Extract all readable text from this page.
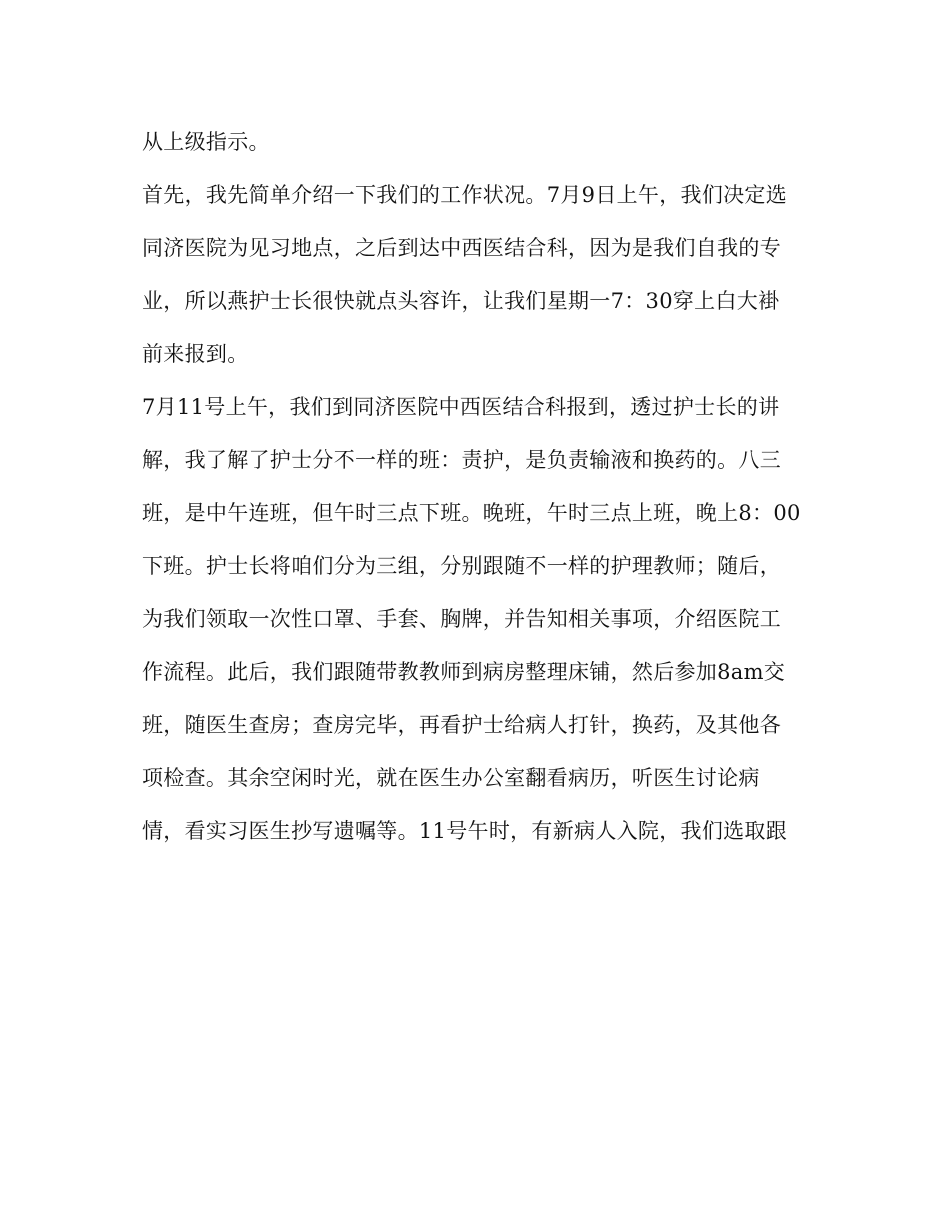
从上级指示。
首先，我先简单介绍一下我们的工作状况。7月9日上午，我们决定选
同济医院为见习地点，之后到达中西医结合科，因为是我们自我的专
业，所以燕护士长很快就点头容许，让我们星期一7：30穿上白大褂
前来报到。
7月11号上午，我们到同济医院中西医结合科报到，透过护士长的讲
解，我了解了护士分不一样的班：责护，是负责输液和换药的。八三
班，是中午连班，但午时三点下班。晚班，午时三点上班，晚上8：00
下班。护士长将咱们分为三组，分别跟随不一样的护理教师；随后，
为我们领取一次性口罩、手套、胸牌，并告知相关事项，介绍医院工
作流程。此后，我们跟随带教教师到病房整理床铺，然后参加8am交
班，随医生查房；查房完毕，再看护士给病人打针，换药，及其他各
项检查。其余空闲时光，就在医生办公室翻看病历，听医生讨论病
情，看实习医生抄写遗嘱等。11号午时，有新病人入院，我们选取跟
